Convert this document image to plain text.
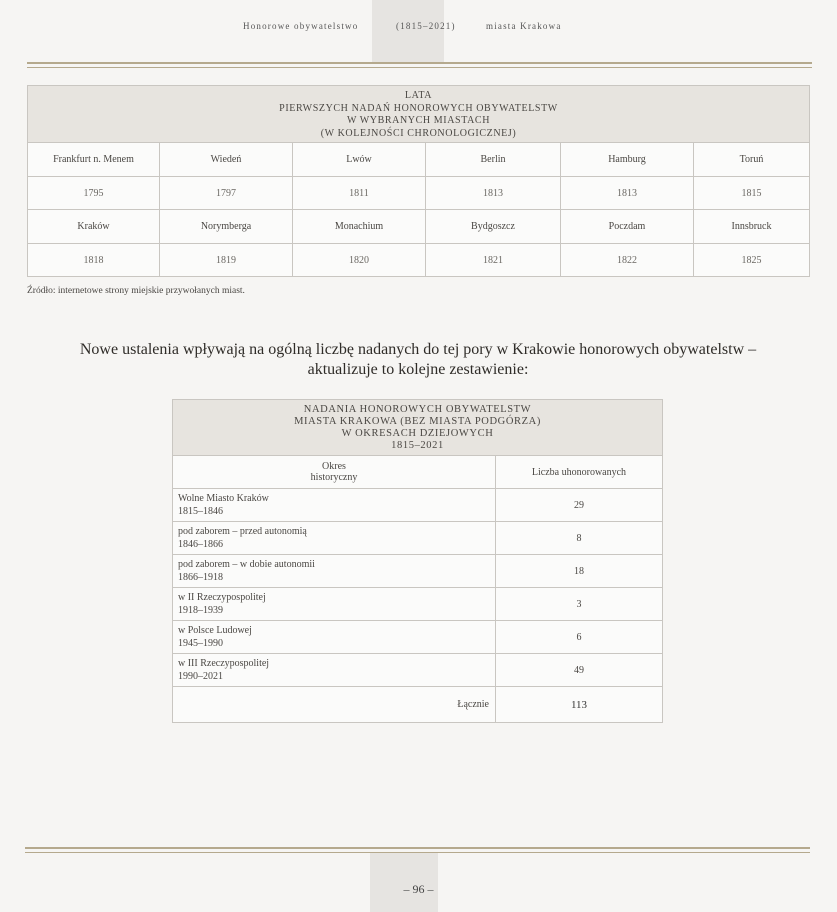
Honorowe obywatelstwo	(1815–2021)	miasta Krakowa
LATA
PIERWSZYCH NADAŃ HONOROWYCH OBYWATELSTW
W WYBRANYCH MIASTACH
(W KOLEJNOŚCI CHRONOLOGICZNEJ)					

Frankfurt n. Menem	Wiedeń	Lwów	Berlin	Hamburg	Toruń
1795	1797	1811	1813	1813	1815
Kraków	Norymberga	Monachium	Bydgoszcz	Poczdam	Innsbruck
1818	1819	1820	1821	1822	1825
Źródło: internetowe strony miejskie przywołanych miast.
Nowe ustalenia wpływają na ogólną liczbę nadanych do tej pory w Krakowie honorowych obywatelstw –
aktualizuje to kolejne zestawienie:
NADANIA HONOROWYCH OBYWATELSTW
MIASTA KRAKOWA (BEZ MIASTA PODGÓRZA)
W OKRESACH DZIEJOWYCH
1815–2021	

Okres
historyczny	Liczba uhonorowanych

Wolne Miasto Kraków
1815–1846	29

pod zaborem – przed autonomią
1846–1866	8

pod zaborem – w dobie autonomii
1866–1918	18

w II Rzeczypospolitej
1918–1939	3

w Polsce Ludowej
1945–1990	6

w III Rzeczypospolitej
1990–2021	49
Łącznie	113
– 96 –
